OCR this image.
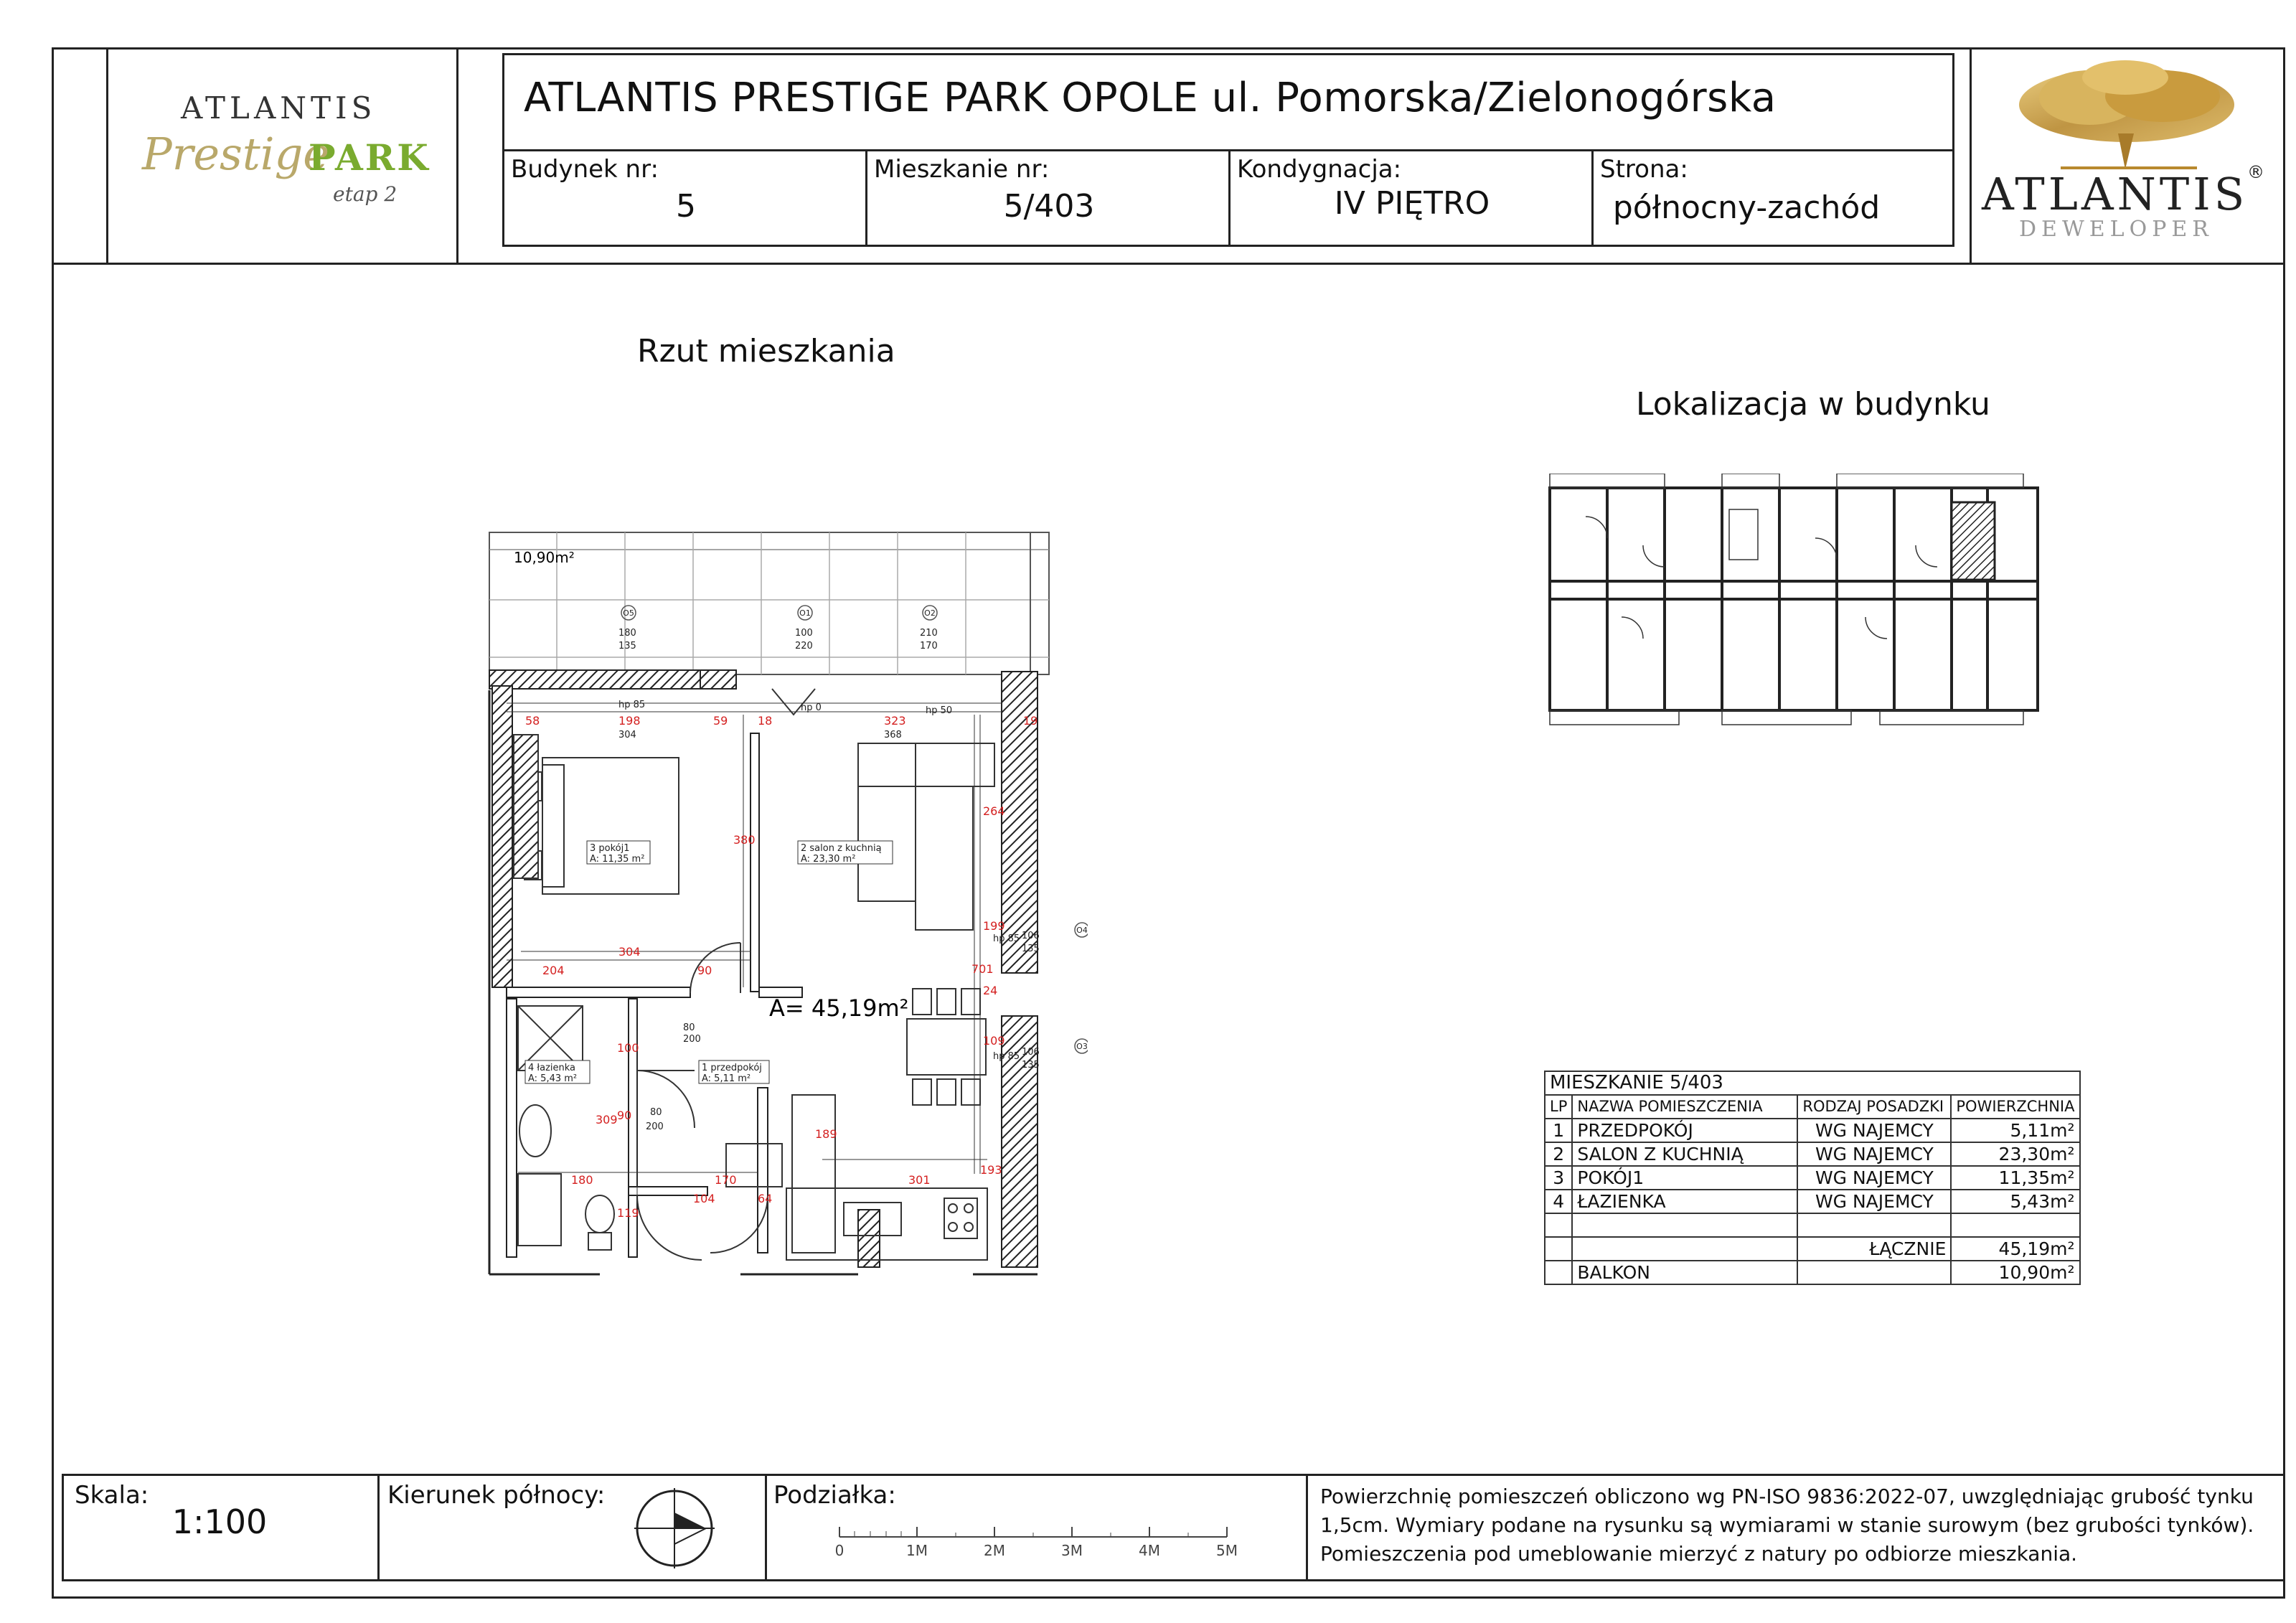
ATLANTIS
Prestige
PARK
etap 2
ATLANTIS PRESTIGE PARK OPOLE ul. Pomorska/Zielonogórska
Budynek nr:
5
Mieszkanie nr:
5/403
Kondygnacja:
IV PIĘTRO
Strona:
północny-zachód	ATLANTIS
®
DEWELOPER
Rzut mieszkania
Lokalizacja w budynku
10,90m²
3 pokój1
A: 11,35 m²
2 salon z kuchnią
A: 23,30 m²
4 łazienka
A: 5,43 m²
1 przedpokój
A: 5,11 m²
A= 45,19m²
58	198	59	18	323	19
304
204	90
380
264
199
701
24
109
309 90
100
180
119
104
170
64
189
301
193
304	368
hp 85	hp 0	hp 50
80
200
80
200
hp 85
hp 85
106
135
106
135
180
135
100
220
210
170
O5	O1	O2
O4
O3
MIESZKANIE 5/403			
LP	NAZWA POMIESZCZENIA	RODZAJ POSADZKI	POWIERZCHNIA
1	PRZEDPOKÓJ	WG NAJEMCY	5,11m²
2	SALON Z KUCHNIĄ	WG NAJEMCY	23,30m²
3	POKÓJ1	WG NAJEMCY	11,35m²
4	ŁAZIENKA	WG NAJEMCY	5,43m²

		ŁĄCZNIE	45,19m²
	BALKON		10,90m²
Skala:
1:100
Kierunek północy:	Podziałka:
0	1M	2M	3M	4M	5M
Powierzchnię pomieszczeń obliczono wg PN-ISO 9836:2022-07, uwzględniając grubość tynku 1,5cm. Wymiary podane na rysunku są wymiarami w stanie surowym (bez grubości tynków). Pomieszczenia pod umeblowanie mierzyć z natury po odbiorze mieszkania.
